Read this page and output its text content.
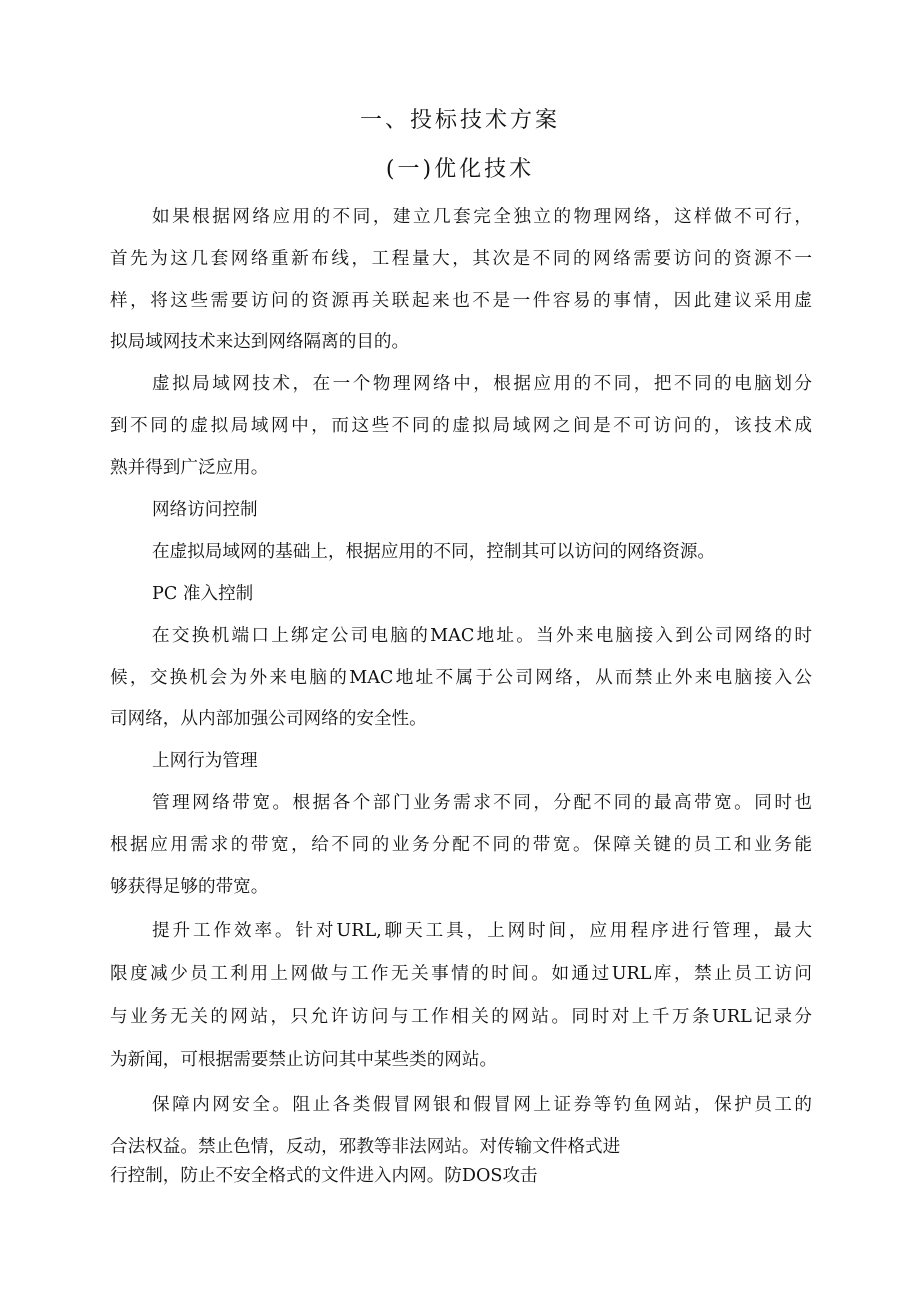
一、投标技术方案
(一)优化技术
如果根据网络应用的不同，建立几套完全独立的物理网络，这样做不可行，
首先为这几套网络重新布线，工程量大，其次是不同的网络需要访问的资源不一
样，将这些需要访问的资源再关联起来也不是一件容易的事情，因此建议采用虚
拟局域网技术来达到网络隔离的目的。
虚拟局域网技术，在一个物理网络中，根据应用的不同，把不同的电脑划分
到不同的虚拟局域网中，而这些不同的虚拟局域网之间是不可访问的，该技术成
熟并得到广泛应用。
网络访问控制
在虚拟局域网的基础上，根据应用的不同，控制其可以访问的网络资源。
PC 准入控制
在交换机端口上绑定公司电脑的MAC地址。当外来电脑接入到公司网络的时
候，交换机会为外来电脑的MAC地址不属于公司网络，从而禁止外来电脑接入公
司网络，从内部加强公司网络的安全性。
上网行为管理
管理网络带宽。根据各个部门业务需求不同，分配不同的最高带宽。同时也
根据应用需求的带宽，给不同的业务分配不同的带宽。保障关键的员工和业务能
够获得足够的带宽。
提升工作效率。针对URL,聊天工具，上网时间，应用程序进行管理，最大
限度减少员工利用上网做与工作无关事情的时间。如通过URL库，禁止员工访问
与业务无关的网站，只允许访问与工作相关的网站。同时对上千万条URL记录分
为新闻，可根据需要禁止访问其中某些类的网站。
保障内网安全。阻止各类假冒网银和假冒网上证券等钓鱼网站，保护员工的
合法权益。禁止色情，反动，邪教等非法网站。对传输文件格式进
行控制，防止不安全格式的文件进入内网。防DOS攻击
